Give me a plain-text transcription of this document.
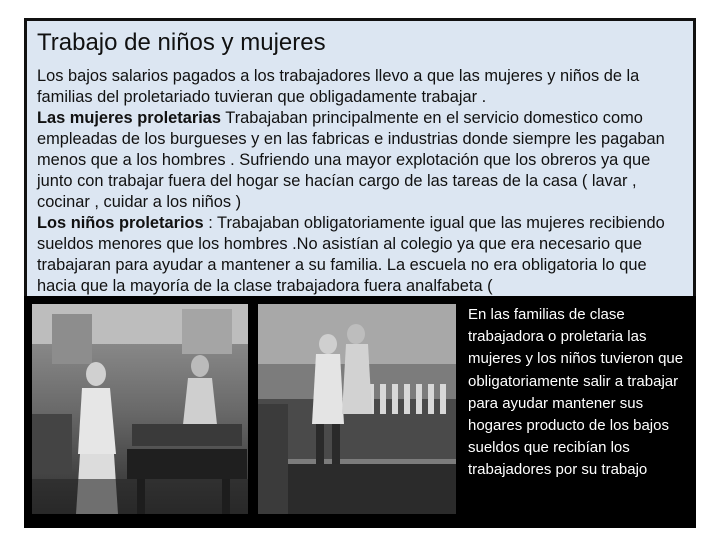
Trabajo de niños y mujeres

Los bajos salarios pagados a los trabajadores llevo a que las mujeres y niños de la familias del proletariado tuvieran que obligadamente trabajar .

Las mujeres proletarias Trabajaban principalmente en el servicio domestico como empleadas de los burgueses y en las fabricas e industrias donde siempre les pagaban menos que a los hombres . Sufriendo una mayor explotación que los obreros ya que junto con trabajar fuera del hogar se hacían cargo de las tareas de la casa ( lavar , cocinar , cuidar a los niños )

Los niños proletarios : Trabajaban obligatoriamente igual que las mujeres recibiendo sueldos menores que los hombres .No asistían al colegio ya que era necesario que trabajaran para ayudar a mantener a su familia. La escuela no era obligatoria lo que hacia que la mayoría de la clase trabajadora fuera analfabeta (

En las familias de clase trabajadora o proletaria las mujeres y los niños tuvieron que obligatoriamente salir a trabajar para ayudar mantener sus hogares producto de los bajos sueldos que recibían los trabajadores por su trabajo
